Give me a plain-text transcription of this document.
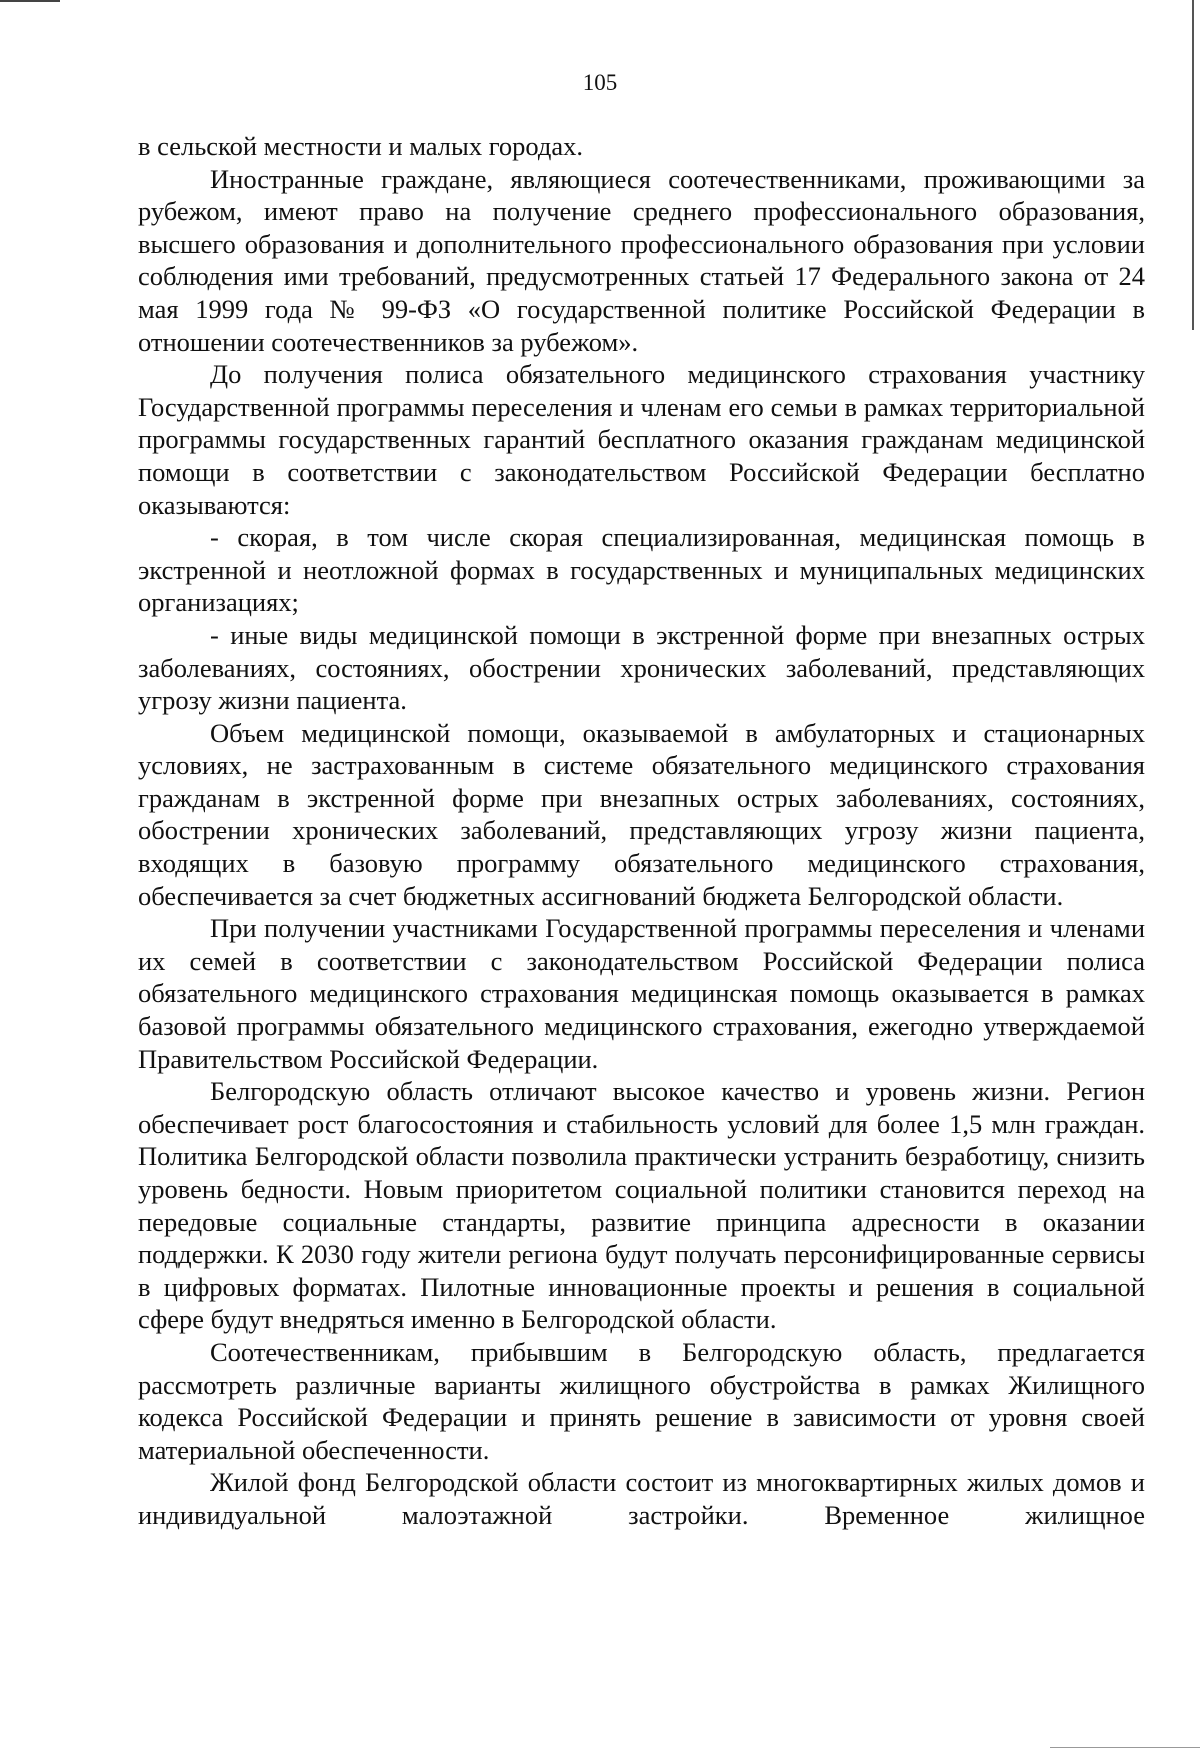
105

в сельской местности и малых городах.

Иностранные граждане, являющиеся соотечественниками, проживающими за рубежом, имеют право на получение среднего профессионального образования, высшего образования и дополнительного профессионального образования при условии соблюдения ими требований, предусмотренных статьей 17 Федерального закона от 24 мая 1999 года № 99-ФЗ «О государственной политике Российской Федерации в отношении соотечественников за рубежом».

До получения полиса обязательного медицинского страхования участнику Государственной программы переселения и членам его семьи в рамках территориальной программы государственных гарантий бесплатного оказания гражданам медицинской помощи в соответствии с законодательством Российской Федерации бесплатно оказываются:

- скорая, в том числе скорая специализированная, медицинская помощь в экстренной и неотложной формах в государственных и муниципальных медицинских организациях;

- иные виды медицинской помощи в экстренной форме при внезапных острых заболеваниях, состояниях, обострении хронических заболеваний, представляющих угрозу жизни пациента.

Объем медицинской помощи, оказываемой в амбулаторных и стационарных условиях, не застрахованным в системе обязательного медицинского страхования гражданам в экстренной форме при внезапных острых заболеваниях, состояниях, обострении хронических заболеваний, представляющих угрозу жизни пациента, входящих в базовую программу обязательного медицинского страхования, обеспечивается за счет бюджетных ассигнований бюджета Белгородской области.

При получении участниками Государственной программы переселения и членами их семей в соответствии с законодательством Российской Федерации полиса обязательного медицинского страхования медицинская помощь оказывается в рамках базовой программы обязательного медицинского страхования, ежегодно утверждаемой Правительством Российской Федерации.

Белгородскую область отличают высокое качество и уровень жизни. Регион обеспечивает рост благосостояния и стабильность условий для более 1,5 млн граждан. Политика Белгородской области позволила практически устранить безработицу, снизить уровень бедности. Новым приоритетом социальной политики становится переход на передовые социальные стандарты, развитие принципа адресности в оказании поддержки. К 2030 году жители региона будут получать персонифицированные сервисы в цифровых форматах. Пилотные инновационные проекты и решения в социальной сфере будут внедряться именно в Белгородской области.

Соотечественникам, прибывшим в Белгородскую область, предлагается рассмотреть различные варианты жилищного обустройства в рамках Жилищного кодекса Российской Федерации и принять решение в зависимости от уровня своей материальной обеспеченности.

Жилой фонд Белгородской области состоит из многоквартирных жилых домов и индивидуальной малоэтажной застройки. Временное жилищное
